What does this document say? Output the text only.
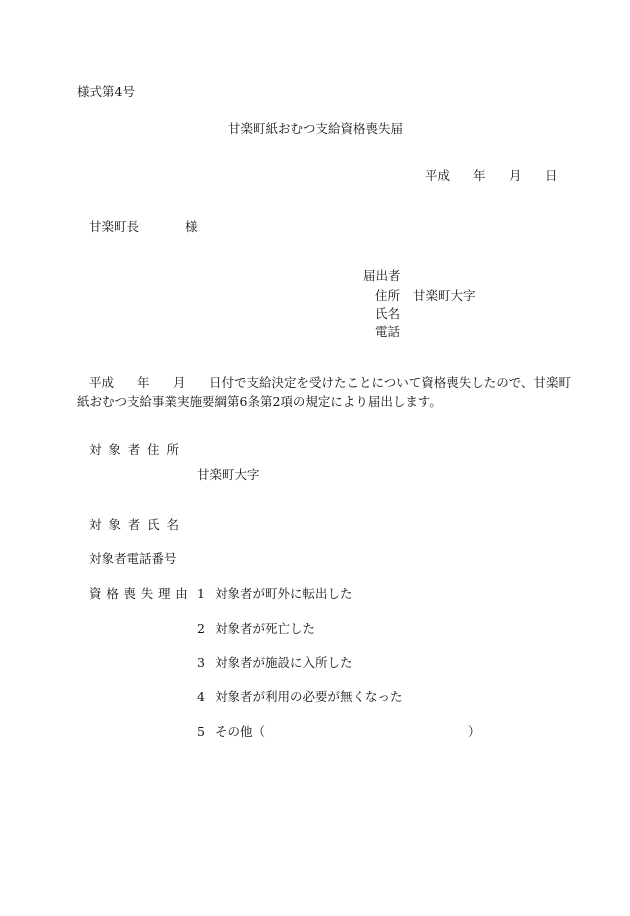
様式第4号
甘楽町紙おむつ支給資格喪失届
平成 年 月 日
甘楽町長	様
届出者
住所 甘楽町大字
氏名
電話
平成 年 月 日付で支給決定を受けたことについて資格喪失したので、甘楽町
紙おむつ支給事業実施要綱第6条第2項の規定により届出します。
対象者住所
甘楽町大字
対象者氏名
対象者電話番号
資格喪失理由 1 対象者が町外に転出した
2 対象者が死亡した
3 対象者が施設に入所した
4 対象者が利用の必要が無くなった
5 その他（	）
